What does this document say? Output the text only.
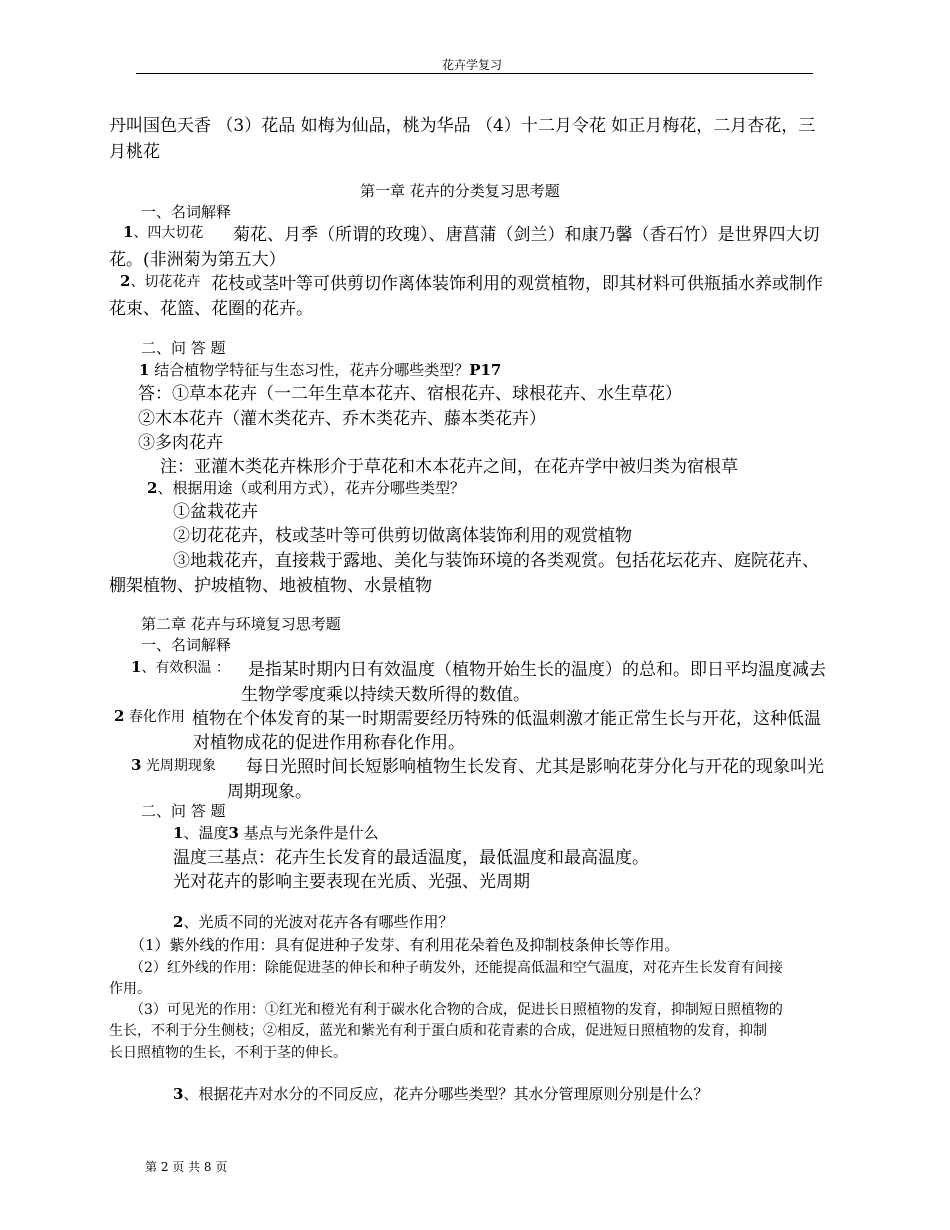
花卉学复习
丹叫国色天香 （3）花品 如梅为仙品，桃为华品 （4）十二月令花 如正月梅花，二月杏花，三
月桃花
第一章 花卉的分类复习思考题
一、名词解释
1、四大切花 菊花、月季（所谓的玫瑰）、唐菖蒲（剑兰）和康乃馨（香石竹）是世界四大切
花。(非洲菊为第五大）
2、切花花卉 花枝或茎叶等可供剪切作离体装饰利用的观赏植物，即其材料可供瓶插水养或制作
花束、花篮、花圈的花卉。
二、问 答 题
1 结合植物学特征与生态习性，花卉分哪些类型？P17
答：①草本花卉（一二年生草本花卉、宿根花卉、球根花卉、水生草花）
②木本花卉（灌木类花卉、乔木类花卉、藤本类花卉）
③多肉花卉
注：亚灌木类花卉株形介于草花和木本花卉之间，在花卉学中被归类为宿根草
2、根据用途（或利用方式），花卉分哪些类型？
①盆栽花卉
②切花花卉，枝或茎叶等可供剪切做离体装饰利用的观赏植物
③地栽花卉，直接栽于露地、美化与装饰环境的各类观赏。包括花坛花卉、庭院花卉、
棚架植物、护坡植物、地被植物、水景植物
第二章 花卉与环境复习思考题
一、名词解释
1、有效积温 ： 是指某时期内日有效温度（植物开始生长的温度）的总和。即日平均温度减去
生物学零度乘以持续天数所得的数值。
2 春化作用 植物在个体发育的某一时期需要经历特殊的低温刺激才能正常生长与开花，这种低温
对植物成花的促进作用称春化作用。
3 光周期现象 每日光照时间长短影响植物生长发育、尤其是影响花芽分化与开花的现象叫光
周期现象。
二、问 答 题
1、温度3 基点与光条件是什么
温度三基点：花卉生长发育的最适温度，最低温度和最高温度。
光对花卉的影响主要表现在光质、光强、光周期
2、光质不同的光波对花卉各有哪些作用？
（1）紫外线的作用：具有促进种子发芽、有利用花朵着色及抑制枝条伸长等作用。
（2）红外线的作用：除能促进茎的伸长和种子萌发外，还能提高低温和空气温度，对花卉生长发育有间接
作用。
（3）可见光的作用：①红光和橙光有利于碳水化合物的合成，促进长日照植物的发育，抑制短日照植物的
生长，不利于分生侧枝；②相反，蓝光和紫光有利于蛋白质和花青素的合成，促进短日照植物的发育，抑制
长日照植物的生长，不利于茎的伸长。
3、根据花卉对水分的不同反应，花卉分哪些类型？其水分管理原则分别是什么？
第 2 页 共 8 页
